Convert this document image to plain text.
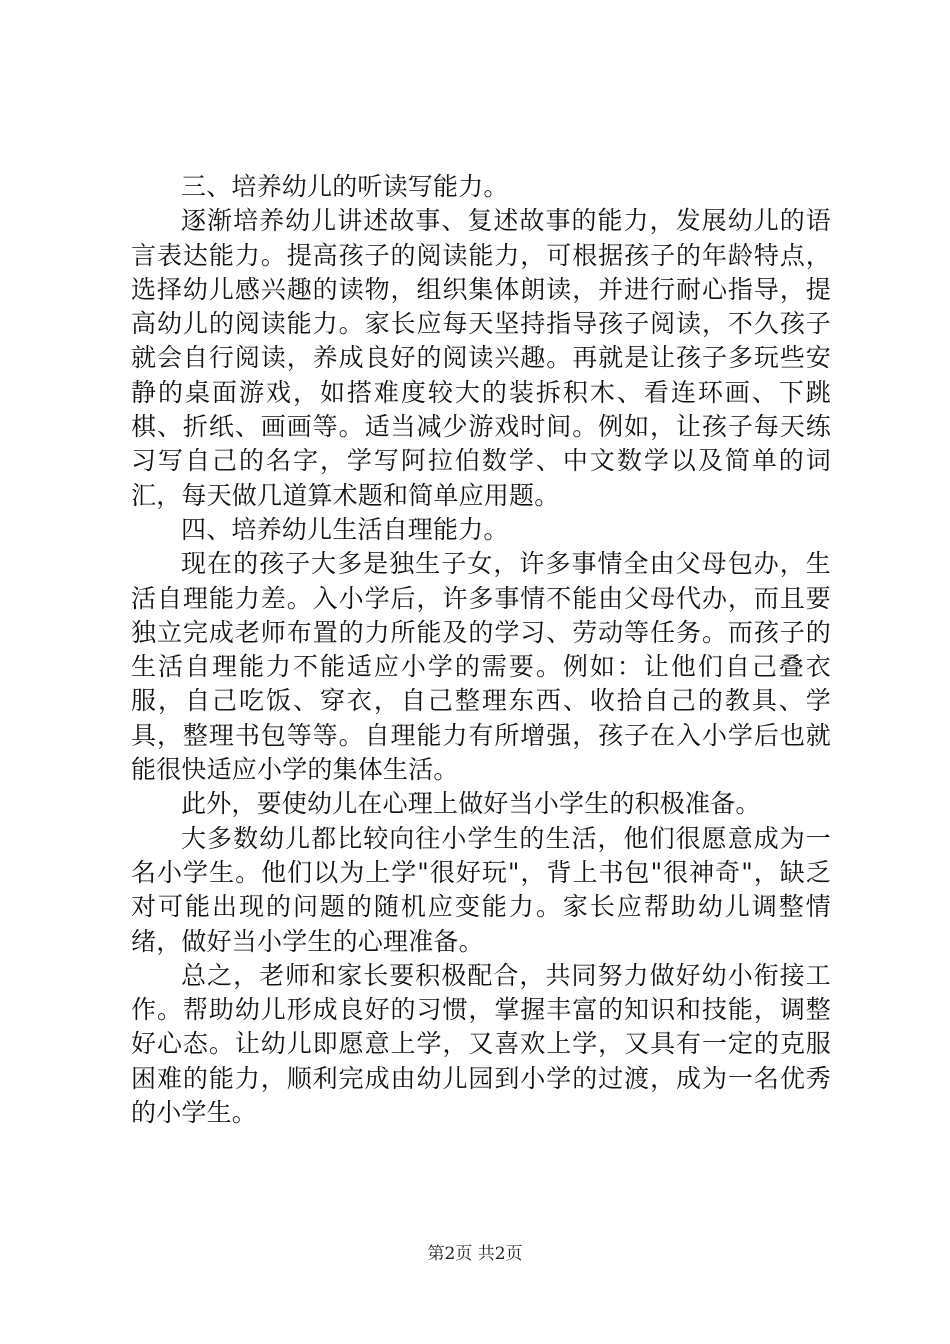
三、培养幼儿的听读写能力。

逐渐培养幼儿讲述故事、复述故事的能力，发展幼儿的语言表达能力。提高孩子的阅读能力，可根据孩子的年龄特点，选择幼儿感兴趣的读物，组织集体朗读，并进行耐心指导，提高幼儿的阅读能力。家长应每天坚持指导孩子阅读，不久孩子就会自行阅读，养成良好的阅读兴趣。再就是让孩子多玩些安静的桌面游戏，如搭难度较大的装拆积木、看连环画、下跳棋、折纸、画画等。适当减少游戏时间。例如，让孩子每天练习写自己的名字，学写阿拉伯数学、中文数学以及简单的词汇，每天做几道算术题和简单应用题。

四、培养幼儿生活自理能力。

现在的孩子大多是独生子女，许多事情全由父母包办，生活自理能力差。入小学后，许多事情不能由父母代办，而且要独立完成老师布置的力所能及的学习、劳动等任务。而孩子的生活自理能力不能适应小学的需要。例如：让他们自己叠衣服，自己吃饭、穿衣，自己整理东西、收拾自己的教具、学具，整理书包等等。自理能力有所增强，孩子在入小学后也就能很快适应小学的集体生活。

此外，要使幼儿在心理上做好当小学生的积极准备。

大多数幼儿都比较向往小学生的生活，他们很愿意成为一名小学生。他们以为上学"很好玩"，背上书包"很神奇"，缺乏对可能出现的问题的随机应变能力。家长应帮助幼儿调整情绪，做好当小学生的心理准备。

总之，老师和家长要积极配合，共同努力做好幼小衔接工作。帮助幼儿形成良好的习惯，掌握丰富的知识和技能，调整好心态。让幼儿即愿意上学，又喜欢上学，又具有一定的克服困难的能力，顺利完成由幼儿园到小学的过渡，成为一名优秀的小学生。

第2页 共2页
